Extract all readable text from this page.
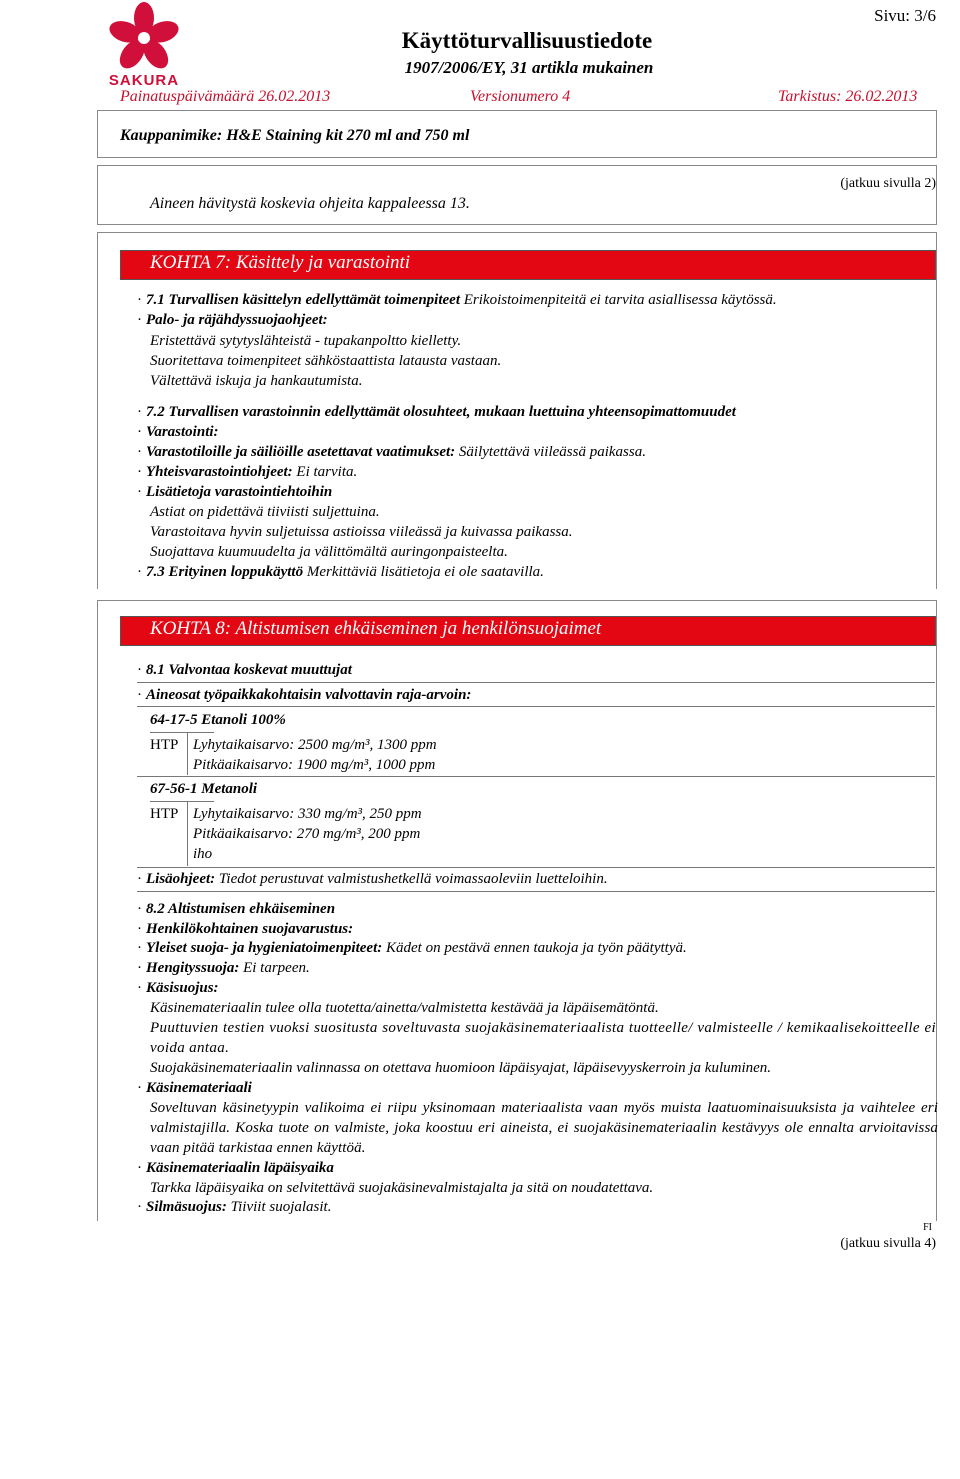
SAKURA
Käyttöturvallisuustiedote
1907/2006/EY, 31 artikla mukainen
Sivu: 3/6
Painatuspäivämäärä 26.02.2013	Versionumero 4	Tarkistus: 26.02.2013
Kauppanimike: H&E Staining kit 270 ml and 750 ml
Aineen hävitystä koskevia ohjeita kappaleessa 13.
(jatkuu sivulla 2)
KOHTA 7: Käsittely ja varastointi
· 7.1 Turvallisen käsittelyn edellyttämät toimenpiteet Erikoistoimenpiteitä ei tarvita asiallisessa käytössä.
· Palo- ja räjähdyssuojaohjeet:
Eristettävä sytytyslähteistä - tupakanpoltto kielletty.
Suoritettava toimenpiteet sähköstaattista latausta vastaan.
Vältettävä iskuja ja hankautumista.
· 7.2 Turvallisen varastoinnin edellyttämät olosuhteet, mukaan luettuina yhteensopimattomuudet
· Varastointi:
· Varastotiloille ja säiliöille asetettavat vaatimukset: Säilytettävä viileässä paikassa.
· Yhteisvarastointiohjeet: Ei tarvita.
· Lisätietoja varastointiehtoihin
Astiat on pidettävä tiiviisti suljettuina.
Varastoitava hyvin suljetuissa astioissa viileässä ja kuivassa paikassa.
Suojattava kuumuudelta ja välittömältä auringonpaisteelta.
· 7.3 Erityinen loppukäyttö Merkittäviä lisätietoja ei ole saatavilla.
KOHTA 8: Altistumisen ehkäiseminen ja henkilönsuojaimet
· 8.1 Valvontaa koskevat muuttujat
· Aineosat työpaikkakohtaisin valvottavin raja-arvoin:
64-17-5 Etanoli 100%
HTP Lyhytaikaisarvo: 2500 mg/m³, 1300 ppm
Pitkäaikaisarvo: 1900 mg/m³, 1000 ppm
67-56-1 Metanoli
HTP Lyhytaikaisarvo: 330 mg/m³, 250 ppm
Pitkäaikaisarvo: 270 mg/m³, 200 ppm
iho
· Lisäohjeet: Tiedot perustuvat valmistushetkellä voimassaoleviin luetteloihin.
· 8.2 Altistumisen ehkäiseminen
· Henkilökohtainen suojavarustus:
· Yleiset suoja- ja hygieniatoimenpiteet: Kädet on pestävä ennen taukoja ja työn päätyttyä.
· Hengityssuoja: Ei tarpeen.
· Käsisuojus:
Käsinemateriaalin tulee olla tuotetta/ainetta/valmistetta kestävää ja läpäisemätöntä.
Puuttuvien testien vuoksi suositusta soveltuvasta suojakäsinemateriaalista tuotteelle/ valmisteelle / kemikaalisekoitteelle ei voida antaa.
Suojakäsinemateriaalin valinnassa on otettava huomioon läpäisyajat, läpäisevyyskerroin ja kuluminen.
· Käsinemateriaali
Soveltuvan käsinetyypin valikoima ei riipu yksinomaan materiaalista vaan myös muista laatuominaisuuksista ja vaihtelee eri valmistajilla. Koska tuote on valmiste, joka koostuu eri aineista, ei suojakäsinemateriaalin kestävyys ole ennalta arvioitavissa vaan pitää tarkistaa ennen käyttöä.
· Käsinemateriaalin läpäisyaika
Tarkka läpäisyaika on selvitettävä suojakäsinevalmistajalta ja sitä on noudatettava.
· Silmäsuojus: Tiiviit suojalasit.
FI
(jatkuu sivulla 4)
